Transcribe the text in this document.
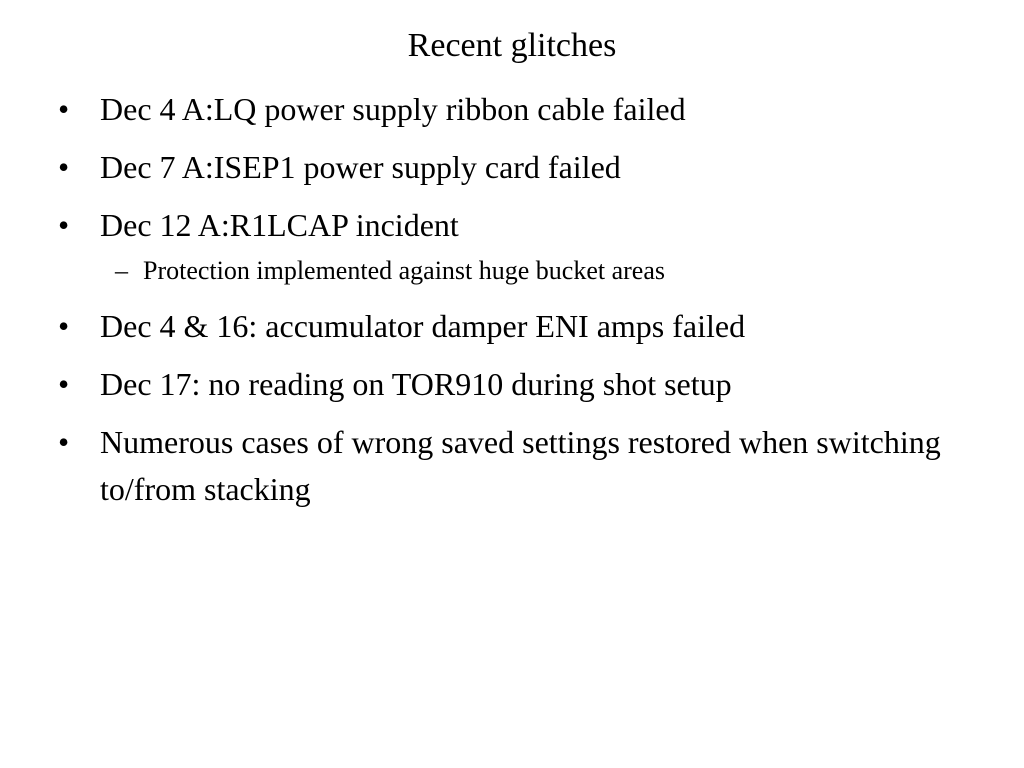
Recent glitches
• Dec 4 A:LQ power supply ribbon cable failed
• Dec 7 A:ISEP1 power supply card failed
• Dec 12 A:R1LCAP incident
– Protection implemented against huge bucket areas
• Dec 4 & 16: accumulator damper ENI amps failed
• Dec 17: no reading on TOR910 during shot setup
• Numerous cases of wrong saved settings restored when switching to/from stacking
